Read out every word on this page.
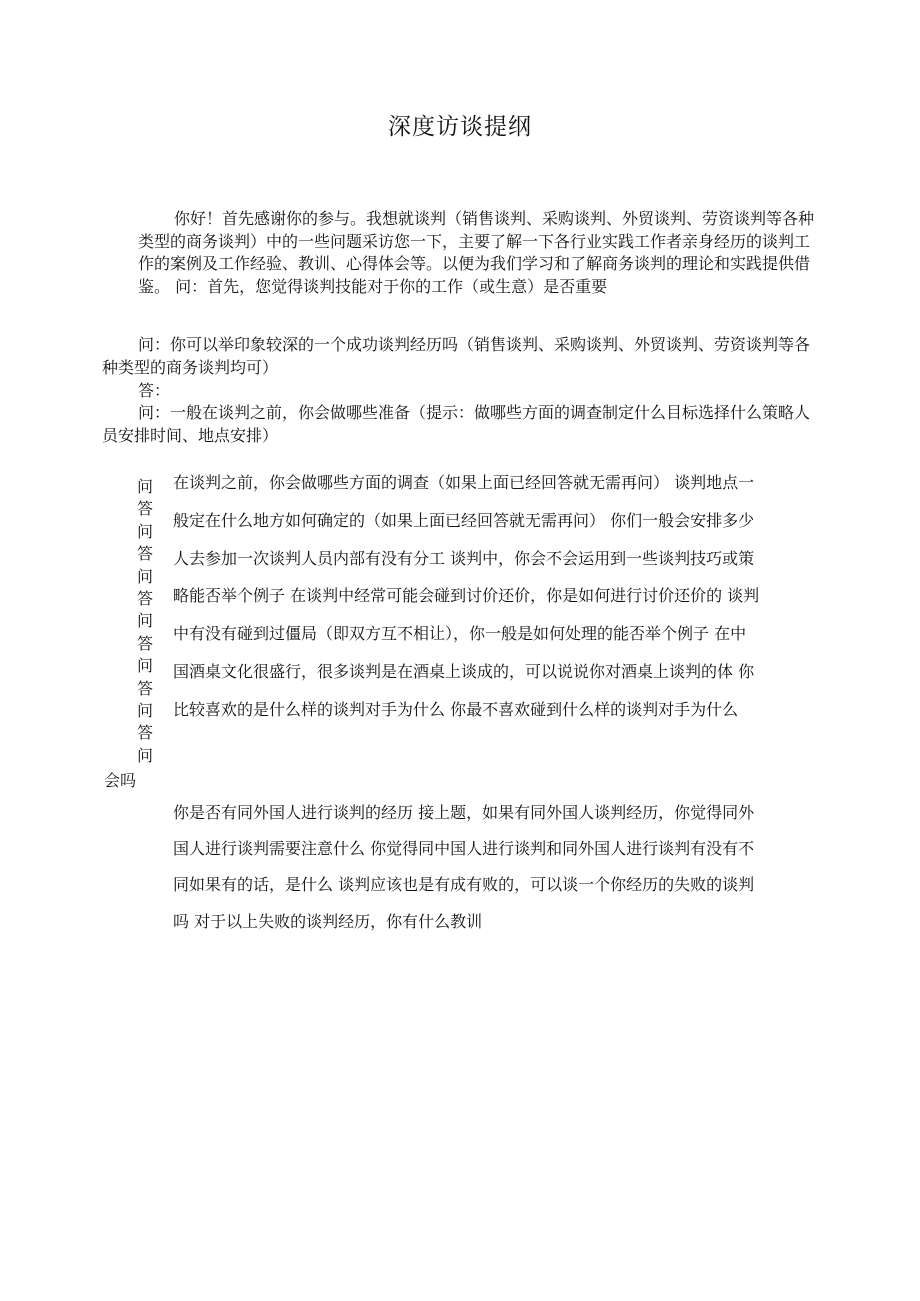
深度访谈提纲
你好！首先感谢你的参与。我想就谈判（销售谈判、采购谈判、外贸谈判、劳资谈判等各种类型的商务谈判）中的一些问题采访您一下，主要了解一下各行业实践工作者亲身经历的谈判工作的案例及工作经验、教训、心得体会等。以便为我们学习和了解商务谈判的理论和实践提供借鉴。 问：首先，您觉得谈判技能对于你的工作（或生意）是否重要
问：你可以举印象较深的一个成功谈判经历吗（销售谈判、采购谈判、外贸谈判、劳资谈判等各种类型的商务谈判均可）
答：
问：一般在谈判之前，你会做哪些准备（提示：做哪些方面的调查制定什么目标选择什么策略人员安排时间、地点安排）
问
答
问
答
问
答
问
答
问
答
问
答
问
会吗
在谈判之前，你会做哪些方面的调查（如果上面已经回答就无需再问） 谈判地点一
般定在什么地方如何确定的（如果上面已经回答就无需再问） 你们一般会安排多少
人去参加一次谈判人员内部有没有分工 谈判中，你会不会运用到一些谈判技巧或策
略能否举个例子 在谈判中经常可能会碰到讨价还价，你是如何进行讨价还价的 谈判
中有没有碰到过僵局（即双方互不相让），你一般是如何处理的能否举个例子 在中
国酒桌文化很盛行，很多谈判是在酒桌上谈成的，可以说说你对酒桌上谈判的体 你
比较喜欢的是什么样的谈判对手为什么 你最不喜欢碰到什么样的谈判对手为什么
你是否有同外国人进行谈判的经历 接上题，如果有同外国人谈判经历，你觉得同外
国人进行谈判需要注意什么 你觉得同中国人进行谈判和同外国人进行谈判有没有不
同如果有的话，是什么 谈判应该也是有成有败的，可以谈一个你经历的失败的谈判
吗 对于以上失败的谈判经历，你有什么教训
